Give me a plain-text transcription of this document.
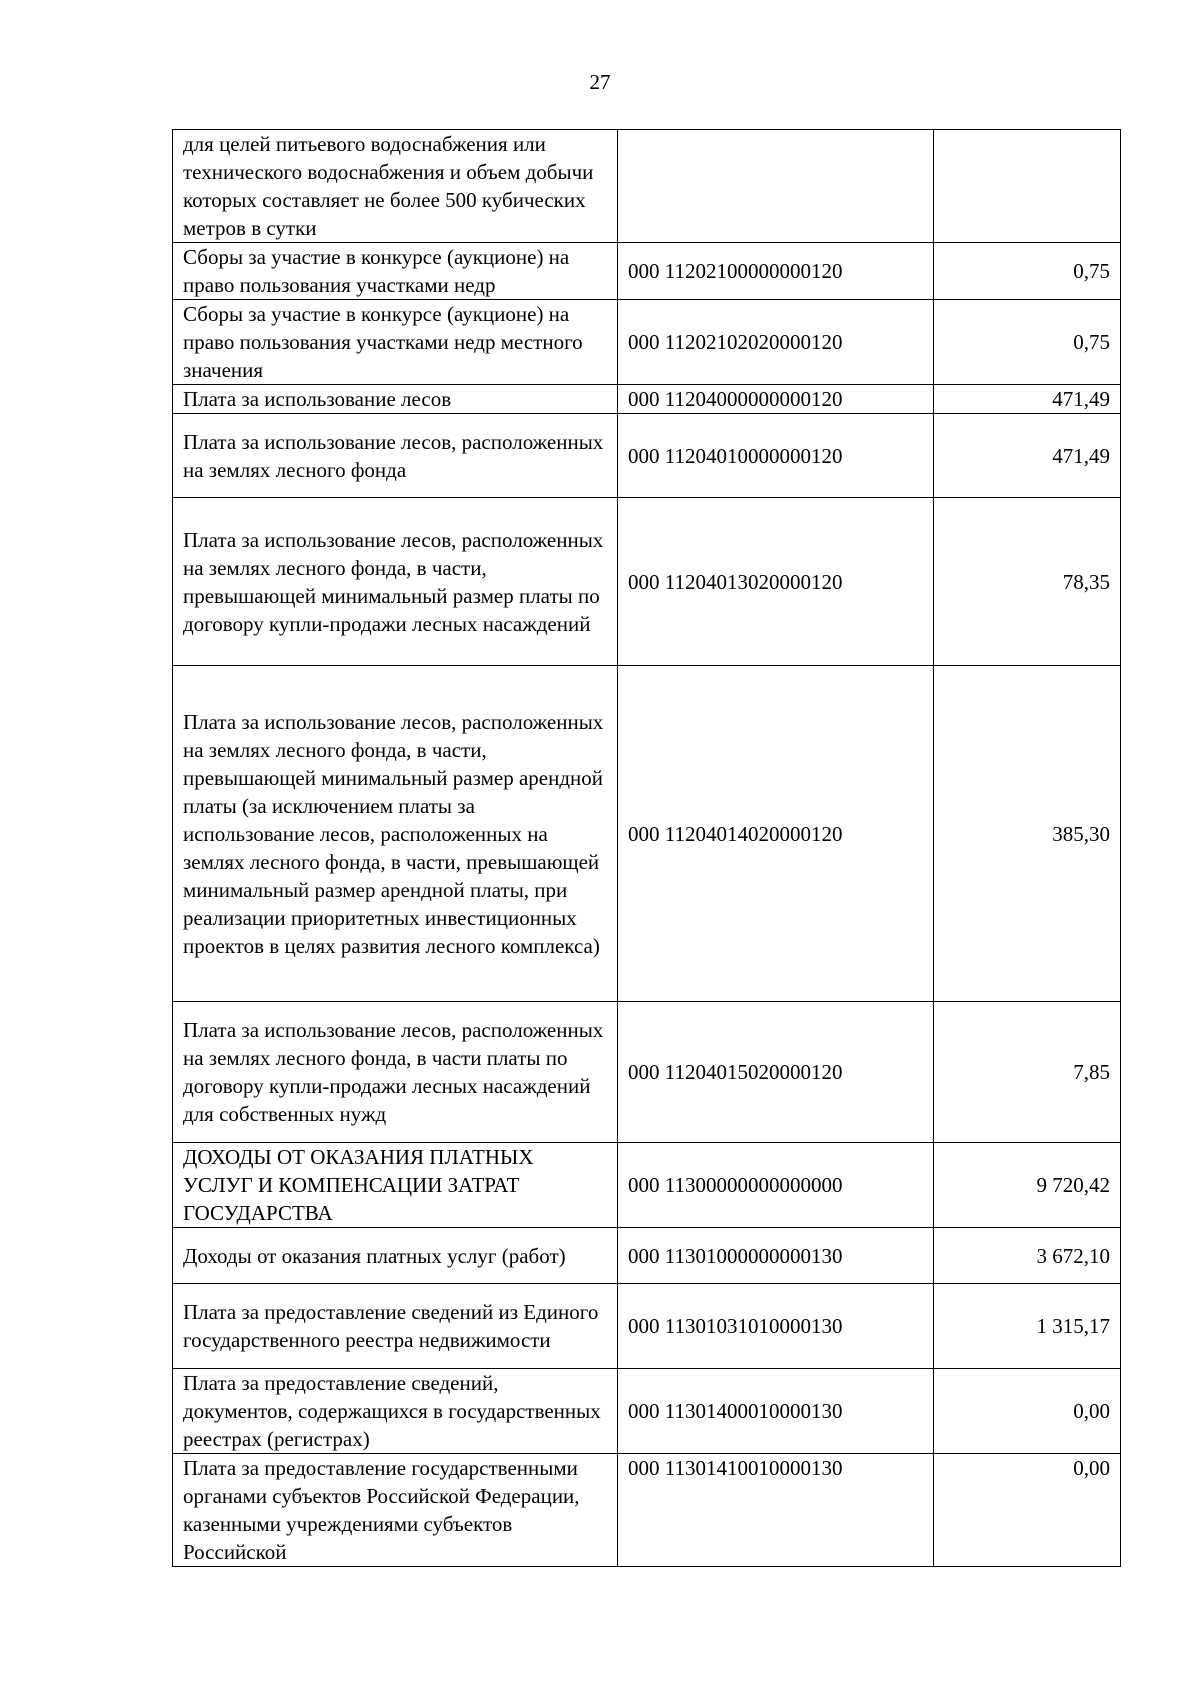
27
для целей питьевого водоснабжения или технического водоснабжения и объем добычи которых составляет не более 500 кубических метров в сутки		
Сборы за участие в конкурсе (аукционе) на право пользования участками недр	000 11202100000000120	0,75
Сборы за участие в конкурсе (аукционе) на право пользования участками недр местного значения	000 11202102020000120	0,75
Плата за использование лесов	000 11204000000000120	471,49
Плата за использование лесов, расположенных на землях лесного фонда	000 11204010000000120	471,49
Плата за использование лесов, расположенных на землях лесного фонда, в части, превышающей минимальный размер платы по договору купли-продажи лесных насаждений	000 11204013020000120	78,35
Плата за использование лесов, расположенных на землях лесного фонда, в части, превышающей минимальный размер арендной платы (за исключением платы за использование лесов, расположенных на землях лесного фонда, в части, превышающей минимальный размер арендной платы, при реализации приоритетных инвестиционных проектов в целях развития лесного комплекса)	000 11204014020000120	385,30
Плата за использование лесов, расположенных на землях лесного фонда, в части платы по договору купли-продажи лесных насаждений для собственных нужд	000 11204015020000120	7,85
ДОХОДЫ ОТ ОКАЗАНИЯ ПЛАТНЫХ УСЛУГ И КОМПЕНСАЦИИ ЗАТРАТ ГОСУДАРСТВА	000 11300000000000000	9 720,42
Доходы от оказания платных услуг (работ)	000 11301000000000130	3 672,10
Плата за предоставление сведений из Единого государственного реестра недвижимости	000 11301031010000130	1 315,17
Плата за предоставление сведений, документов, содержащихся в государственных реестрах (регистрах)	000 11301400010000130	0,00
Плата за предоставление государственными органами субъектов Российской Федерации, казенными учреждениями субъектов Российской	000 11301410010000130	0,00
